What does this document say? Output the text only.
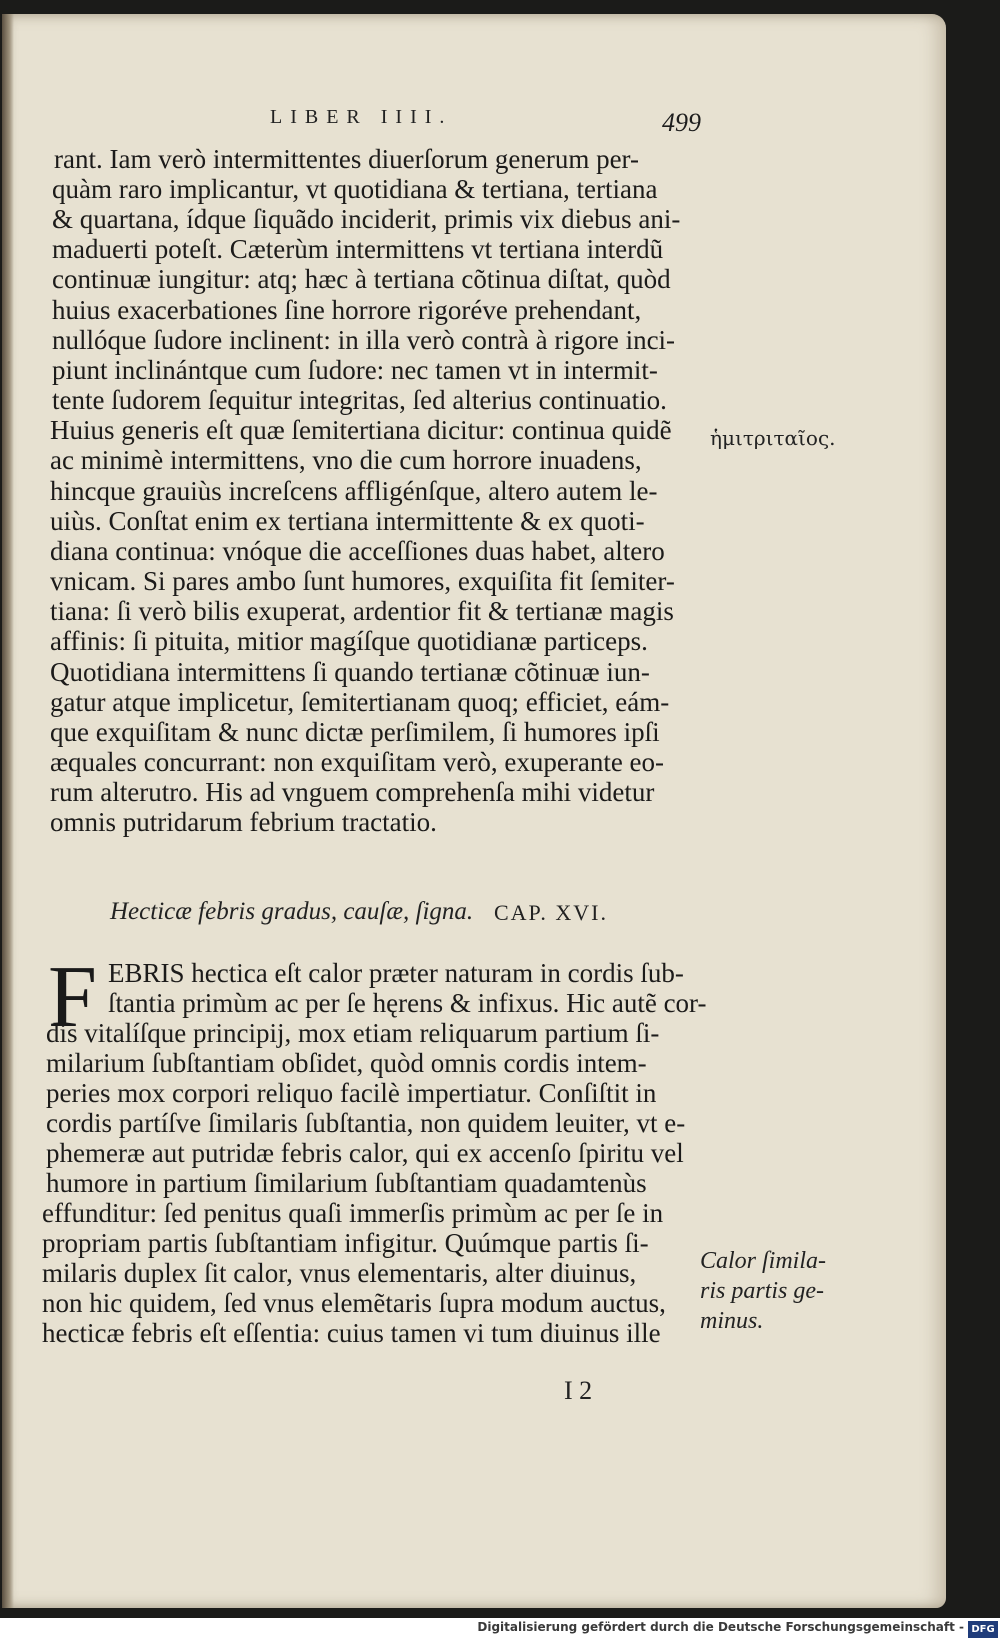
LIBER IIII.	499
rant. Iam verò intermittentes diuerſorum generum per-
quàm raro implicantur, vt quotidiana & tertiana, tertiana
& quartana, ídque ſiquãdo inciderit, primis vix diebus ani-
maduerti poteſt. Cæterùm intermittens vt tertiana interdũ
continuæ iungitur: atq; hæc à tertiana cõtinua diſtat, quòd
huius exacerbationes ſine horrore rigoréve prehendant,
nullóque ſudore inclinent: in illa verò contrà à rigore inci-
piunt inclinántque cum ſudore: nec tamen vt in intermit-
tente ſudorem ſequitur integritas, ſed alterius continuatio.
Huius generis eſt quæ ſemitertiana dicitur: continua quidẽ
ac minimè intermittens, vno die cum horrore inuadens,
hincque grauiùs increſcens affligénſque, altero autem le-
uiùs. Conſtat enim ex tertiana intermittente & ex quoti-
diana continua: vnóque die acceſſiones duas habet, altero
vnicam. Si pares ambo ſunt humores, exquiſita fit ſemiter-
tiana: ſi verò bilis exuperat, ardentior fit & tertianæ magis
affinis: ſi pituita, mitior magíſque quotidianæ particeps.
Quotidiana intermittens ſi quando tertianæ cõtinuæ iun-
gatur atque implicetur, ſemitertianam quoq; efficiet, eám-
que exquiſitam & nunc dictæ perſimilem, ſi humores ipſi
æquales concurrant: non exquiſitam verò, exuperante eo-
rum alterutro. His ad vnguem comprehenſa mihi videtur
omnis putridarum febrium tractatio.
Hecticæ febris gradus, cauſæ, ſigna. CAP. XVI.
F EBRIS hectica eſt calor præter naturam in cordis ſub-
ſtantia primùm ac per ſe hęrens & infixus. Hic autẽ cor-
dis vitalíſque principij, mox etiam reliquarum partium ſi-
milarium ſubſtantiam obſidet, quòd omnis cordis intem-
peries mox corpori reliquo facilè impertiatur. Conſiſtit in
cordis partíſve ſimilaris ſubſtantia, non quidem leuiter, vt e-
phemeræ aut putridæ febris calor, qui ex accenſo ſpiritu vel
humore in partium ſimilarium ſubſtantiam quadamtenùs
effunditur: ſed penitus quaſi immerſis primùm ac per ſe in
propriam partis ſubſtantiam infigitur. Quúmque partis ſi-
milaris duplex ſit calor, vnus elementaris, alter diuinus,
non hic quidem, ſed vnus elemẽtaris ſupra modum auctus,
hecticæ febris eſt eſſentia: cuius tamen vi tum diuinus ille
ἡμιτριταῖος.
Calor ſimila-
ris partis ge-
minus.
I 2
Digitalisierung gefördert durch die Deutsche Forschungsgemeinschaft - DFG
